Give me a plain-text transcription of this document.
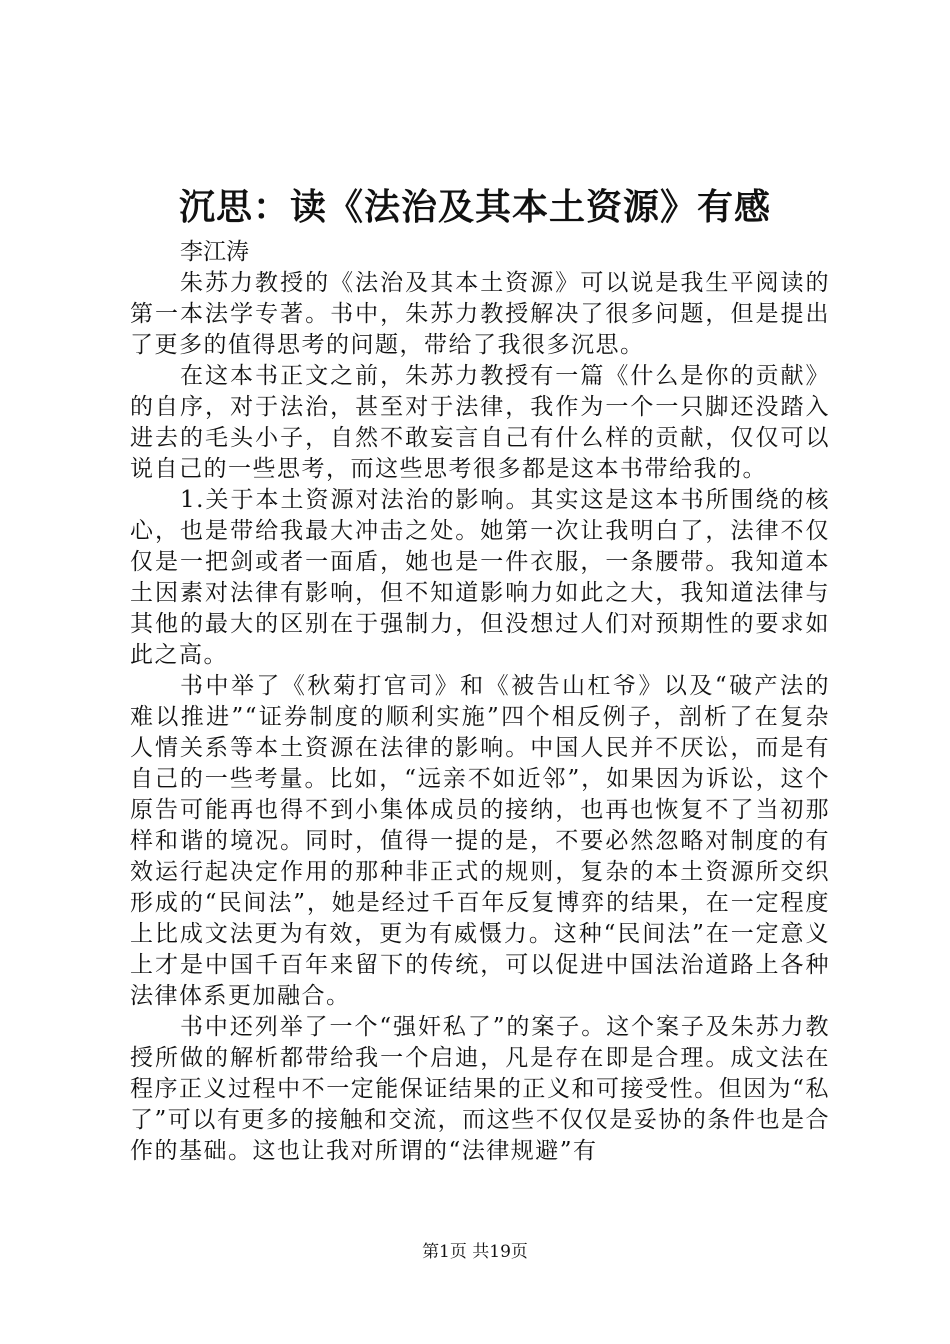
沉思：读《法治及其本土资源》有感

李江涛

朱苏力教授的《法治及其本土资源》可以说是我生平阅读的第一本法学专著。书中，朱苏力教授解决了很多问题，但是提出了更多的值得思考的问题，带给了我很多沉思。

在这本书正文之前，朱苏力教授有一篇《什么是你的贡献》的自序，对于法治，甚至对于法律，我作为一个一只脚还没踏入进去的毛头小子，自然不敢妄言自己有什么样的贡献，仅仅可以说自己的一些思考，而这些思考很多都是这本书带给我的。

1.关于本土资源对法治的影响。其实这是这本书所围绕的核心，也是带给我最大冲击之处。她第一次让我明白了，法律不仅仅是一把剑或者一面盾，她也是一件衣服，一条腰带。我知道本土因素对法律有影响，但不知道影响力如此之大，我知道法律与其他的最大的区别在于强制力，但没想过人们对预期性的要求如此之高。

书中举了《秋菊打官司》和《被告山杠爷》以及“破产法的难以推进”“证券制度的顺利实施”四个相反例子，剖析了在复杂人情关系等本土资源在法律的影响。中国人民并不厌讼，而是有自己的一些考量。比如，“远亲不如近邻”，如果因为诉讼，这个原告可能再也得不到小集体成员的接纳，也再也恢复不了当初那样和谐的境况。同时，值得一提的是，不要必然忽略对制度的有效运行起决定作用的那种非正式的规则，复杂的本土资源所交织形成的“民间法”，她是经过千百年反复博弈的结果，在一定程度上比成文法更为有效，更为有威慑力。这种“民间法”在一定意义上才是中国千百年来留下的传统，可以促进中国法治道路上各种法律体系更加融合。

书中还列举了一个“强奸私了”的案子。这个案子及朱苏力教授所做的解析都带给我一个启迪，凡是存在即是合理。成文法在程序正义过程中不一定能保证结果的正义和可接受性。但因为“私了”可以有更多的接触和交流，而这些不仅仅是妥协的条件也是合作的基础。这也让我对所谓的“法律规避”有

第1页 共19页
